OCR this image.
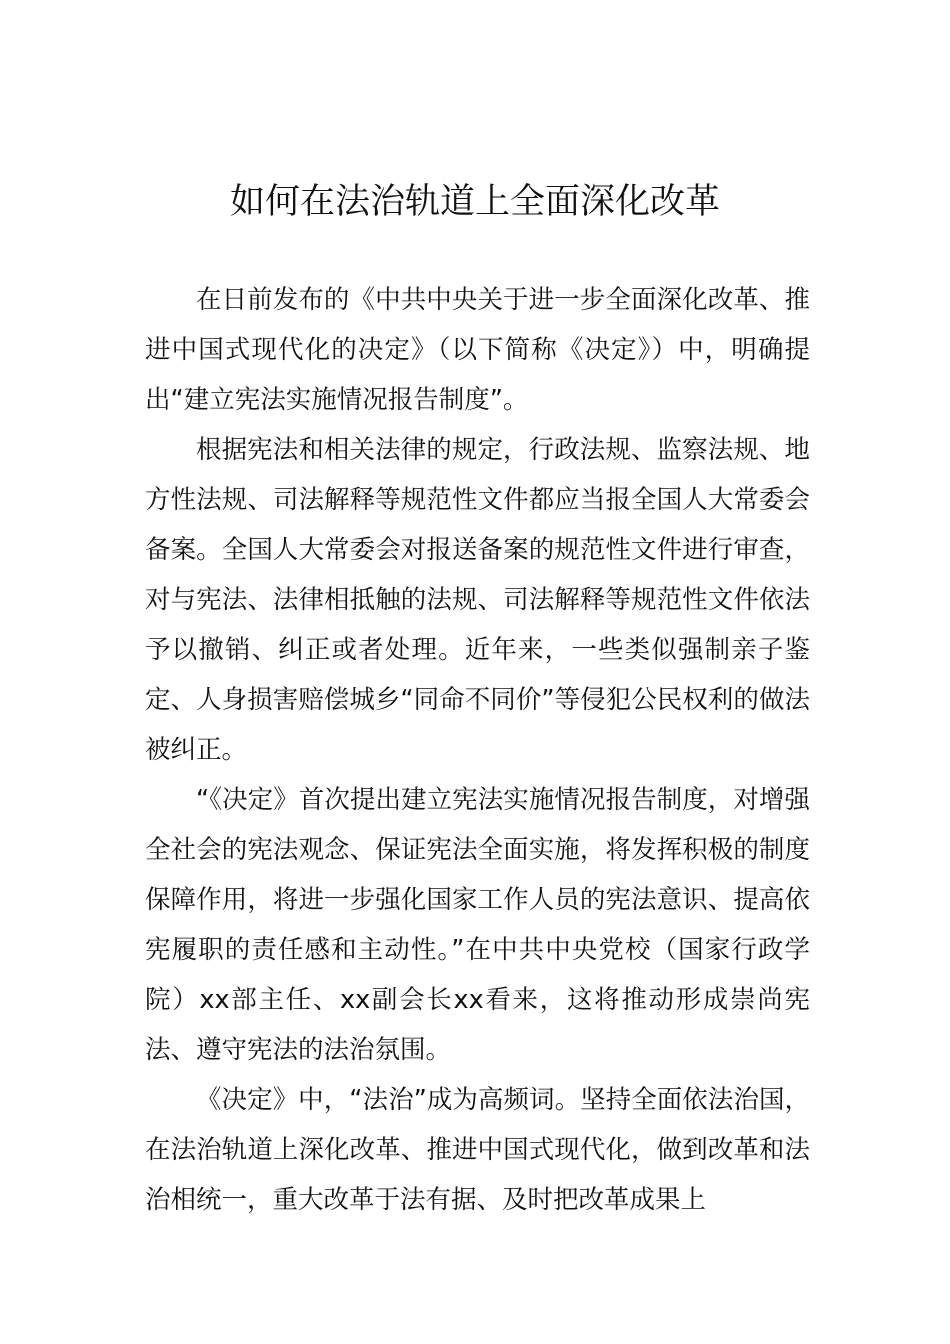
如何在法治轨道上全面深化改革

在日前发布的《中共中央关于进一步全面深化改革、推进中国式现代化的决定》（以下简称《决定》）中，明确提出“建立宪法实施情况报告制度”。

根据宪法和相关法律的规定，行政法规、监察法规、地方性法规、司法解释等规范性文件都应当报全国人大常委会备案。全国人大常委会对报送备案的规范性文件进行审查，对与宪法、法律相抵触的法规、司法解释等规范性文件依法予以撤销、纠正或者处理。近年来，一些类似强制亲子鉴定、人身损害赔偿城乡“同命不同价”等侵犯公民权利的做法被纠正。

“《决定》首次提出建立宪法实施情况报告制度，对增强全社会的宪法观念、保证宪法全面实施，将发挥积极的制度保障作用，将进一步强化国家工作人员的宪法意识、提高依宪履职的责任感和主动性。”在中共中央党校（国家行政学院）xx部主任、xx副会长xx看来，这将推动形成崇尚宪法、遵守宪法的法治氛围。

《决定》中，“法治”成为高频词。坚持全面依法治国，在法治轨道上深化改革、推进中国式现代化，做到改革和法治相统一，重大改革于法有据、及时把改革成果上
